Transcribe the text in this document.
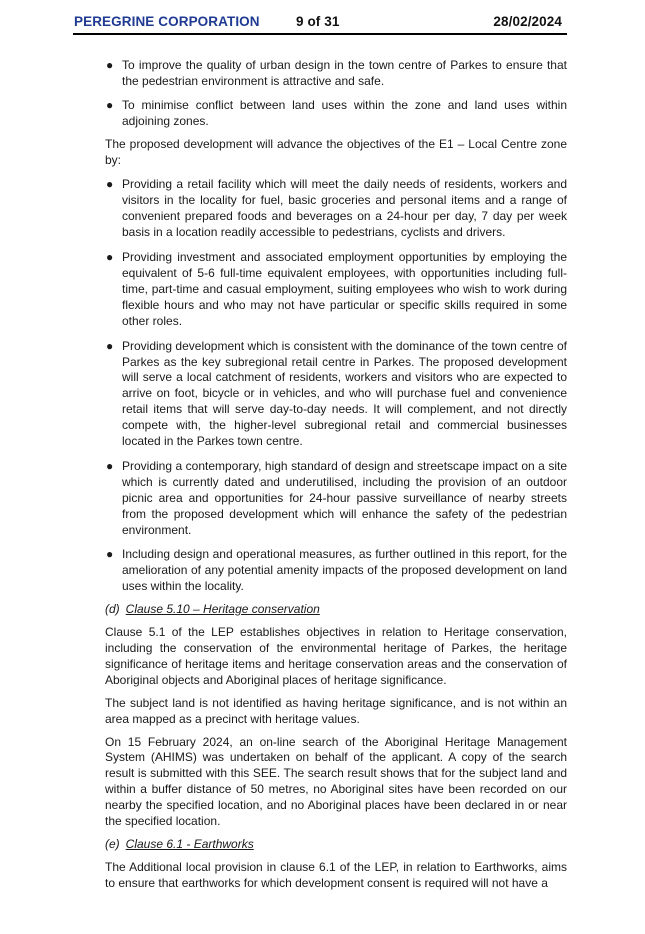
PEREGRINE CORPORATION	9 of 31	28/02/2024
● To improve the quality of urban design in the town centre of Parkes to ensure that the pedestrian environment is attractive and safe.
● To minimise conflict between land uses within the zone and land uses within adjoining zones.

The proposed development will advance the objectives of the E1 – Local Centre zone by:

● Providing a retail facility which will meet the daily needs of residents, workers and visitors in the locality for fuel, basic groceries and personal items and a range of convenient prepared foods and beverages on a 24-hour per day, 7 day per week basis in a location readily accessible to pedestrians, cyclists and drivers.
● Providing investment and associated employment opportunities by employing the equivalent of 5-6 full-time equivalent employees, with opportunities including full-time, part-time and casual employment, suiting employees who wish to work during flexible hours and who may not have particular or specific skills required in some other roles.
● Providing development which is consistent with the dominance of the town centre of Parkes as the key subregional retail centre in Parkes. The proposed development will serve a local catchment of residents, workers and visitors who are expected to arrive on foot, bicycle or in vehicles, and who will purchase fuel and convenience retail items that will serve day-to-day needs. It will complement, and not directly compete with, the higher-level subregional retail and commercial businesses located in the Parkes town centre.
● Providing a contemporary, high standard of design and streetscape impact on a site which is currently dated and underutilised, including the provision of an outdoor picnic area and opportunities for 24-hour passive surveillance of nearby streets from the proposed development which will enhance the safety of the pedestrian environment.
● Including design and operational measures, as further outlined in this report, for the amelioration of any potential amenity impacts of the proposed development on land uses within the locality.

(d) Clause 5.10 – Heritage conservation

Clause 5.1 of the LEP establishes objectives in relation to Heritage conservation, including the conservation of the environmental heritage of Parkes, the heritage significance of heritage items and heritage conservation areas and the conservation of Aboriginal objects and Aboriginal places of heritage significance.

The subject land is not identified as having heritage significance, and is not within an area mapped as a precinct with heritage values.

On 15 February 2024, an on-line search of the Aboriginal Heritage Management System (AHIMS) was undertaken on behalf of the applicant. A copy of the search result is submitted with this SEE. The search result shows that for the subject land and within a buffer distance of 50 metres, no Aboriginal sites have been recorded on our nearby the specified location, and no Aboriginal places have been declared in or near the specified location.

(e) Clause 6.1 - Earthworks

The Additional local provision in clause 6.1 of the LEP, in relation to Earthworks, aims to ensure that earthworks for which development consent is required will not have a
